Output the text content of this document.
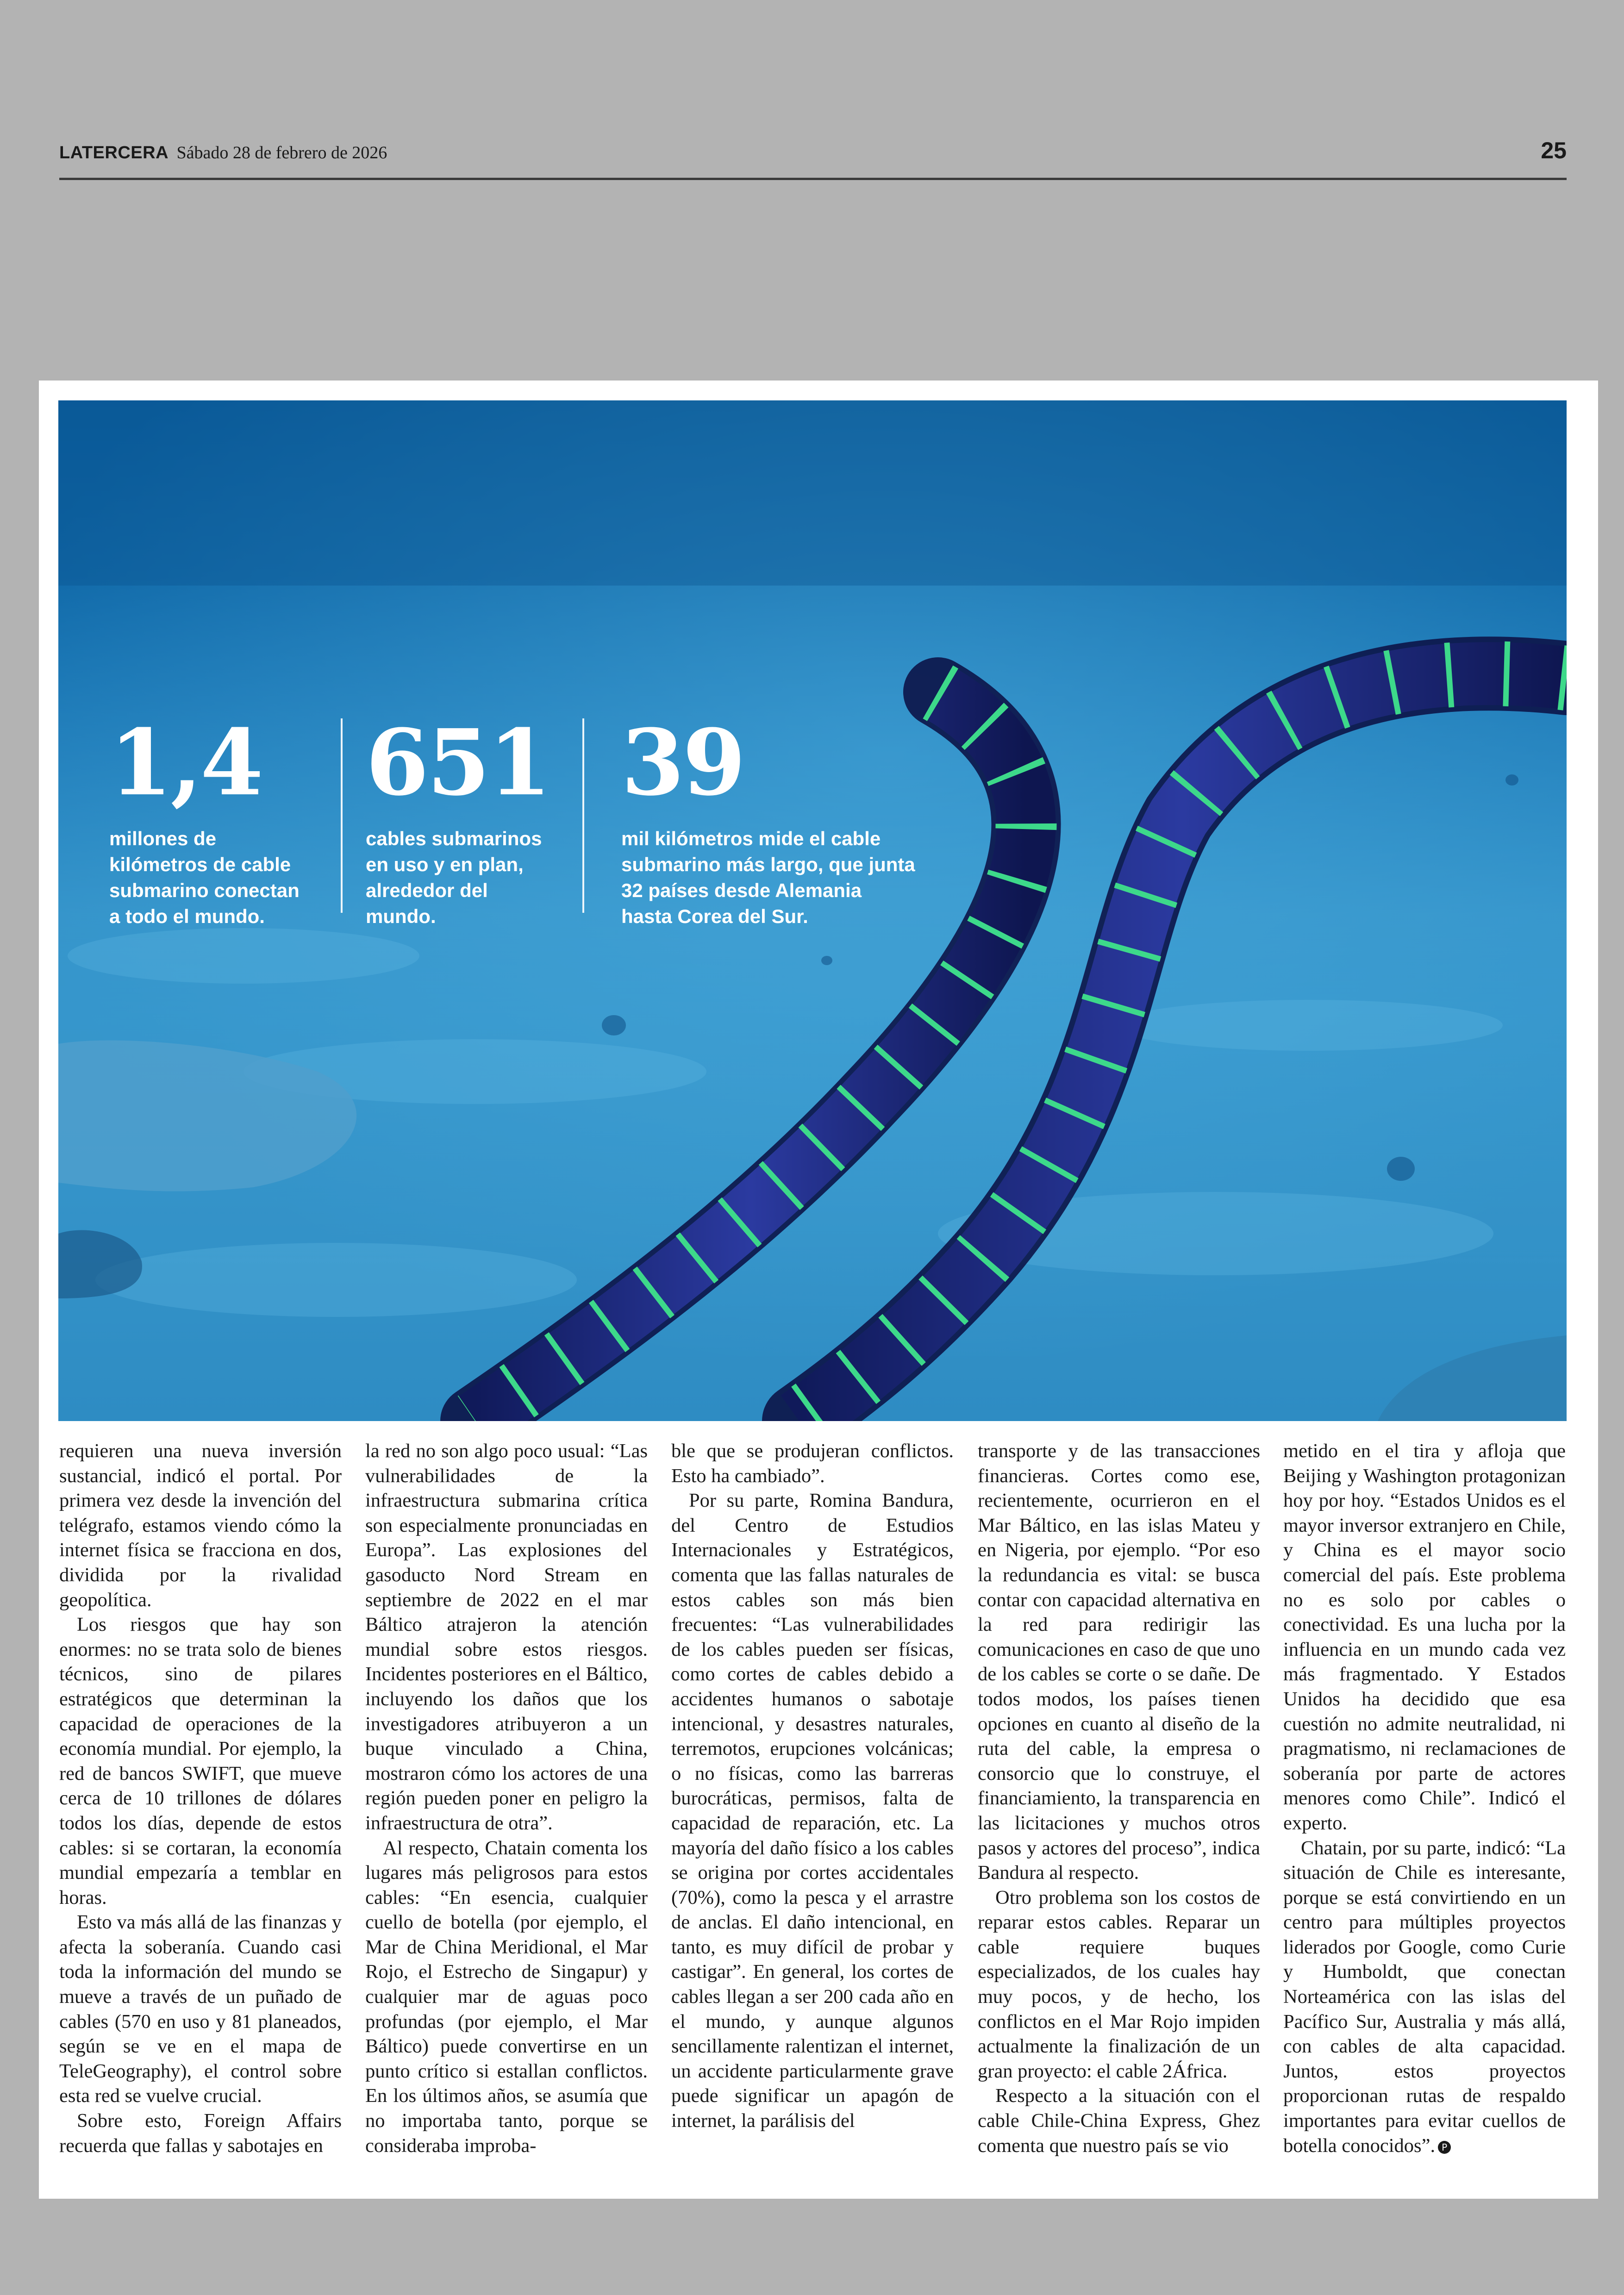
LATERCERA Sábado 28 de febrero de 2026	25
1,4
millones de
kilómetros de cable
submarino conectan
a todo el mundo.
651
cables submarinos
en uso y en plan,
alrededor del
mundo.
39
mil kilómetros mide el cable
submarino más largo, que junta
32 países desde Alemania
hasta Corea del Sur.

requieren una nueva inversión sustancial, indicó el portal. Por primera vez desde la invención del telégrafo, estamos viendo cómo la internet física se fracciona en dos, dividida por la rivalidad geopolítica.

Los riesgos que hay son enormes: no se trata solo de bienes técnicos, sino de pilares estratégicos que determinan la capacidad de operaciones de la economía mundial. Por ejemplo, la red de bancos SWIFT, que mueve cerca de 10 trillones de dólares todos los días, depende de estos cables: si se cortaran, la economía mundial empezaría a temblar en horas.

Esto va más allá de las finanzas y afecta la soberanía. Cuando casi toda la información del mundo se mueve a través de un puñado de cables (570 en uso y 81 planeados, según se ve en el mapa de TeleGeography), el control sobre esta red se vuelve crucial.

Sobre esto, Foreign Affairs recuerda que fallas y sabotajes en

la red no son algo poco usual: “Las vulnerabilidades de la infraestructura submarina crítica son especialmente pronunciadas en Europa”. Las explosiones del gasoducto Nord Stream en septiembre de 2022 en el mar Báltico atrajeron la atención mundial sobre estos riesgos. Incidentes posteriores en el Báltico, incluyendo los daños que los investigadores atribuyeron a un buque vinculado a China, mostraron cómo los actores de una región pueden poner en peligro la infraestructura de otra”.

Al respecto, Chatain comenta los lugares más peligrosos para estos cables: “En esencia, cualquier cuello de botella (por ejemplo, el Mar de China Meridional, el Mar Rojo, el Estrecho de Singapur) y cualquier mar de aguas poco profundas (por ejemplo, el Mar Báltico) puede convertirse en un punto crítico si estallan conflictos. En los últimos años, se asumía que no importaba tanto, porque se consideraba improba-

ble que se produjeran conflictos. Esto ha cambiado”.

Por su parte, Romina Bandura, del Centro de Estudios Internacionales y Estratégicos, comenta que las fallas naturales de estos cables son más bien frecuentes: “Las vulnerabilidades de los cables pueden ser físicas, como cortes de cables debido a accidentes humanos o sabotaje intencional, y desastres naturales, terremotos, erupciones volcánicas; o no físicas, como las barreras burocráticas, permisos, falta de capacidad de reparación, etc. La mayoría del daño físico a los cables se origina por cortes accidentales (70%), como la pesca y el arrastre de anclas. El daño intencional, en tanto, es muy difícil de probar y castigar”. En general, los cortes de cables llegan a ser 200 cada año en el mundo, y aunque algunos sencillamente ralentizan el internet, un accidente particularmente grave puede significar un apagón de internet, la parálisis del

transporte y de las transacciones financieras. Cortes como ese, recientemente, ocurrieron en el Mar Báltico, en las islas Mateu y en Nigeria, por ejemplo. “Por eso la redundancia es vital: se busca contar con capacidad alternativa en la red para redirigir las comunicaciones en caso de que uno de los cables se corte o se dañe. De todos modos, los países tienen opciones en cuanto al diseño de la ruta del cable, la empresa o consorcio que lo construye, el financiamiento, la transparencia en las licitaciones y muchos otros pasos y actores del proceso”, indica Bandura al respecto.

Otro problema son los costos de reparar estos cables. Reparar un cable requiere buques especializados, de los cuales hay muy pocos, y de hecho, los conflictos en el Mar Rojo impiden actualmente la finalización de un gran proyecto: el cable 2África.

Respecto a la situación con el cable Chile-China Express, Ghez comenta que nuestro país se vio

metido en el tira y afloja que Beijing y Washington protagonizan hoy por hoy. “Estados Unidos es el mayor inversor extranjero en Chile, y China es el mayor socio comercial del país. Este problema no es solo por cables o conectividad. Es una lucha por la influencia en un mundo cada vez más fragmentado. Y Estados Unidos ha decidido que esa cuestión no admite neutralidad, ni pragmatismo, ni reclamaciones de soberanía por parte de actores menores como Chile”. Indicó el experto.

Chatain, por su parte, indicó: “La situación de Chile es interesante, porque se está convirtiendo en un centro para múltiples proyectos liderados por Google, como Curie y Humboldt, que conectan Norteamérica con las islas del Pacífico Sur, Australia y más allá, con cables de alta capacidad. Juntos, estos proyectos proporcionan rutas de respaldo importantes para evitar cuellos de botella conocidos”. P
